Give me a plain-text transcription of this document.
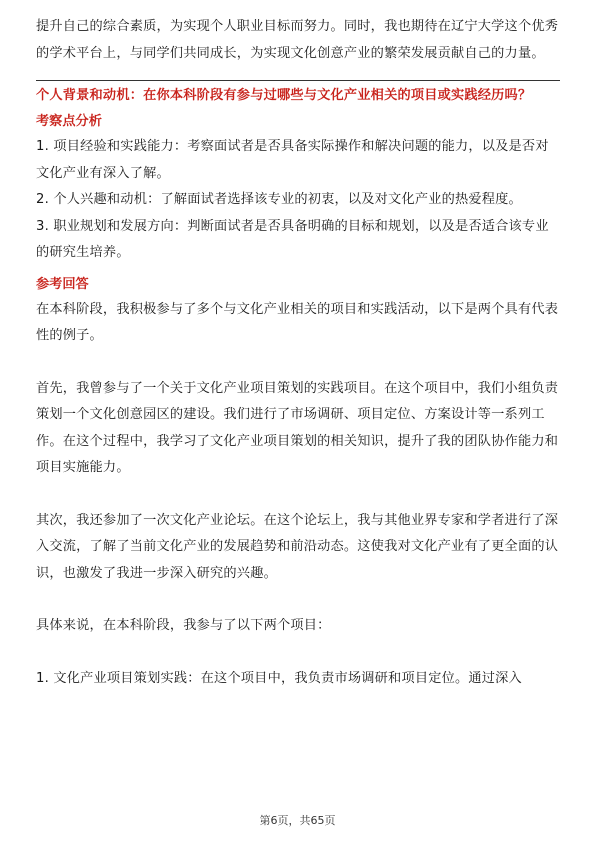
提升自己的综合素质，为实现个人职业目标而努力。同时，我也期待在辽宁大学这个优秀的学术平台上，与同学们共同成长，为实现文化创意产业的繁荣发展贡献自己的力量。

个人背景和动机：在你本科阶段有参与过哪些与文化产业相关的项目或实践经历吗？

考察点分析

1. 项目经验和实践能力：考察面试者是否具备实际操作和解决问题的能力，以及是否对文化产业有深入了解。

2. 个人兴趣和动机：了解面试者选择该专业的初衷，以及对文化产业的热爱程度。

3. 职业规划和发展方向：判断面试者是否具备明确的目标和规划，以及是否适合该专业的研究生培养。

参考回答

在本科阶段，我积极参与了多个与文化产业相关的项目和实践活动，以下是两个具有代表性的例子。

首先，我曾参与了一个关于文化产业项目策划的实践项目。在这个项目中，我们小组负责策划一个文化创意园区的建设。我们进行了市场调研、项目定位、方案设计等一系列工作。在这个过程中，我学习了文化产业项目策划的相关知识，提升了我的团队协作能力和项目实施能力。

其次，我还参加了一次文化产业论坛。在这个论坛上，我与其他业界专家和学者进行了深入交流，了解了当前文化产业的发展趋势和前沿动态。这使我对文化产业有了更全面的认识，也激发了我进一步深入研究的兴趣。

具体来说，在本科阶段，我参与了以下两个项目：

1. 文化产业项目策划实践：在这个项目中，我负责市场调研和项目定位。通过深入

第6页，共65页
